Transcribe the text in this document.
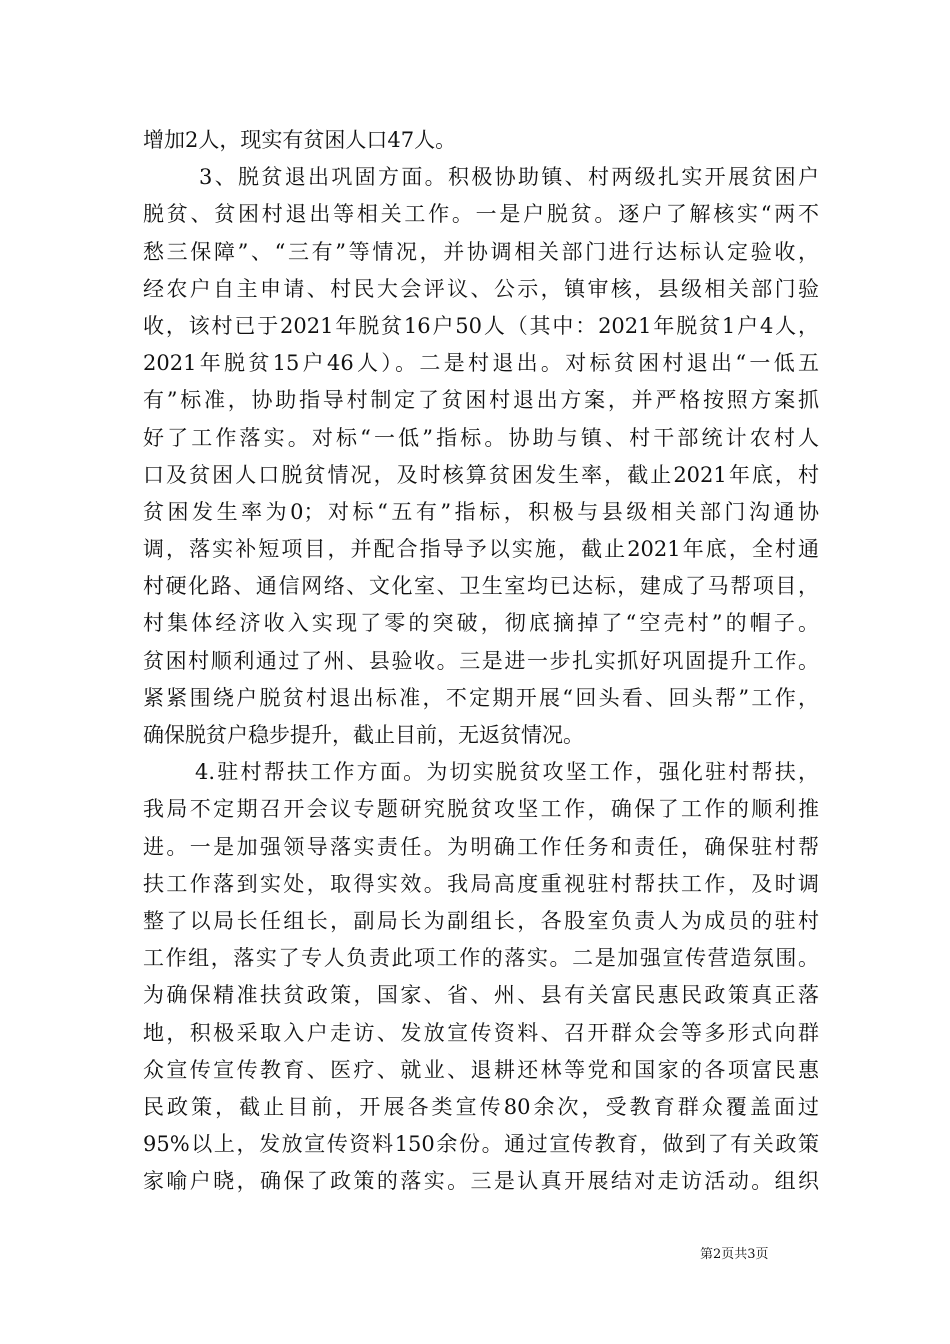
增加2人，现实有贫困人口47人。
3、脱贫退出巩固方面。积极协助镇、村两级扎实开展贫困户
脱贫、贫困村退出等相关工作。一是户脱贫。逐户了解核实“两不
愁三保障”、“三有”等情况，并协调相关部门进行达标认定验收，
经农户自主申请、村民大会评议、公示，镇审核，县级相关部门验
收，该村已于2021年脱贫16户50人（其中：2021年脱贫1户4人，
2021年脱贫15户46人）。二是村退出。对标贫困村退出“一低五
有”标准，协助指导村制定了贫困村退出方案，并严格按照方案抓
好了工作落实。对标“一低”指标。协助与镇、村干部统计农村人
口及贫困人口脱贫情况，及时核算贫困发生率，截止2021年底，村
贫困发生率为0；对标“五有”指标，积极与县级相关部门沟通协
调，落实补短项目，并配合指导予以实施，截止2021年底，全村通
村硬化路、通信网络、文化室、卫生室均已达标，建成了马帮项目，
村集体经济收入实现了零的突破，彻底摘掉了“空壳村”的帽子。
贫困村顺利通过了州、县验收。三是进一步扎实抓好巩固提升工作。
紧紧围绕户脱贫村退出标准，不定期开展“回头看、回头帮”工作，
确保脱贫户稳步提升，截止目前，无返贫情况。
4.驻村帮扶工作方面。为切实脱贫攻坚工作，强化驻村帮扶，
我局不定期召开会议专题研究脱贫攻坚工作，确保了工作的顺利推
进。一是加强领导落实责任。为明确工作任务和责任，确保驻村帮
扶工作落到实处，取得实效。我局高度重视驻村帮扶工作，及时调
整了以局长任组长，副局长为副组长，各股室负责人为成员的驻村
工作组，落实了专人负责此项工作的落实。二是加强宣传营造氛围。
为确保精准扶贫政策，国家、省、州、县有关富民惠民政策真正落
地，积极采取入户走访、发放宣传资料、召开群众会等多形式向群
众宣传宣传教育、医疗、就业、退耕还林等党和国家的各项富民惠
民政策，截止目前，开展各类宣传80余次，受教育群众覆盖面过
95%以上，发放宣传资料150余份。通过宣传教育，做到了有关政策
家喻户晓，确保了政策的落实。三是认真开展结对走访活动。组织
第2页共3页
